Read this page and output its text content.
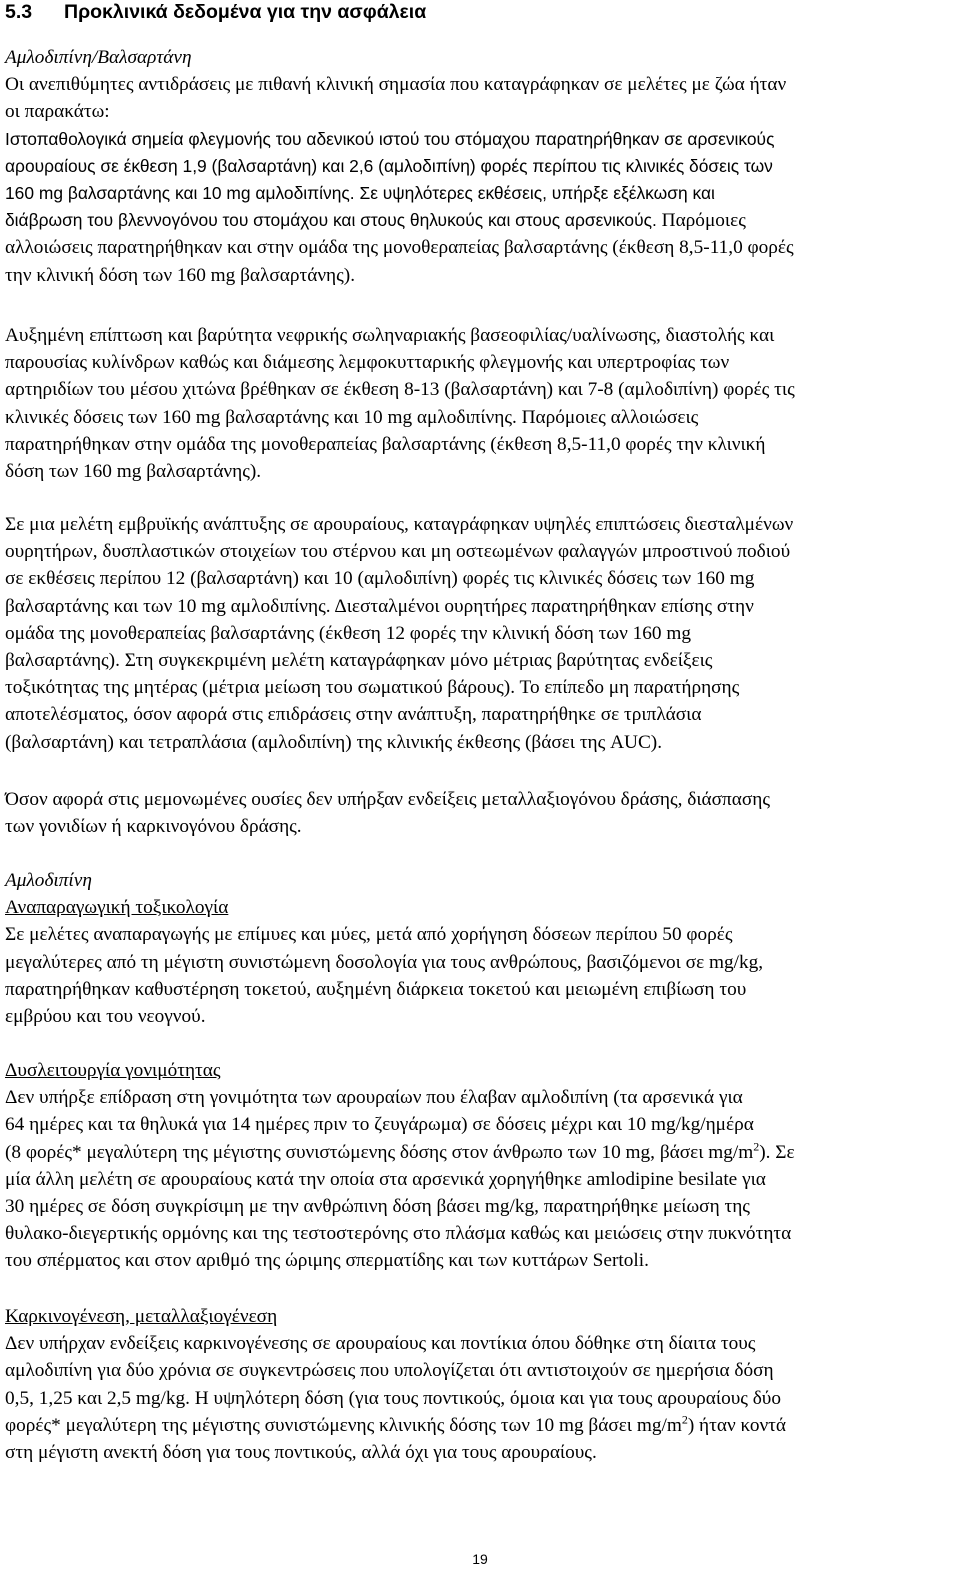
5.3 Προκλινικά δεδομένα για την ασφάλεια
Αμλοδιπίνη/Βαλσαρτάνη
Οι ανεπιθύμητες αντιδράσεις με πιθανή κλινική σημασία που καταγράφηκαν σε μελέτες με ζώα ήταν
οι παρακάτω:
Ιστοπαθολογικά σημεία φλεγμονής του αδενικού ιστού του στόμαχου παρατηρήθηκαν σε αρσενικούς
αρουραίους σε έκθεση 1,9 (βαλσαρτάνη) και 2,6 (αμλοδιπίνη) φορές περίπου τις κλινικές δόσεις των
160 mg βαλσαρτάνης και 10 mg αμλοδιπίνης. Σε υψηλότερες εκθέσεις, υπήρξε εξέλκωση και
διάβρωση του βλεννογόνου του στομάχου και στους θηλυκούς και στους αρσενικούς. Παρόμοιες
αλλοιώσεις παρατηρήθηκαν και στην ομάδα της μονοθεραπείας βαλσαρτάνης (έκθεση 8,5-11,0 φορές
την κλινική δόση των 160 mg βαλσαρτάνης).
Αυξημένη επίπτωση και βαρύτητα νεφρικής σωληναριακής βασεοφιλίας/υαλίνωσης, διαστολής και
παρουσίας κυλίνδρων καθώς και διάμεσης λεμφοκυτταρικής φλεγμονής και υπερτροφίας των
αρτηριδίων του μέσου χιτώνα βρέθηκαν σε έκθεση 8-13 (βαλσαρτάνη) και 7-8 (αμλοδιπίνη) φορές τις
κλινικές δόσεις των 160 mg βαλσαρτάνης και 10 mg αμλοδιπίνης. Παρόμοιες αλλοιώσεις
παρατηρήθηκαν στην ομάδα της μονοθεραπείας βαλσαρτάνης (έκθεση 8,5-11,0 φορές την κλινική
δόση των 160 mg βαλσαρτάνης).
Σε μια μελέτη εμβρυϊκής ανάπτυξης σε αρουραίους, καταγράφηκαν υψηλές επιπτώσεις διεσταλμένων
ουρητήρων, δυσπλαστικών στοιχείων του στέρνου και μη οστεωμένων φαλαγγών μπροστινού ποδιού
σε εκθέσεις περίπου 12 (βαλσαρτάνη) και 10 (αμλοδιπίνη) φορές τις κλινικές δόσεις των 160 mg
βαλσαρτάνης και των 10 mg αμλοδιπίνης. Διεσταλμένοι ουρητήρες παρατηρήθηκαν επίσης στην
ομάδα της μονοθεραπείας βαλσαρτάνης (έκθεση 12 φορές την κλινική δόση των 160 mg
βαλσαρτάνης). Στη συγκεκριμένη μελέτη καταγράφηκαν μόνο μέτριας βαρύτητας ενδείξεις
τοξικότητας της μητέρας (μέτρια μείωση του σωματικού βάρους). Το επίπεδο μη παρατήρησης
αποτελέσματος, όσον αφορά στις επιδράσεις στην ανάπτυξη, παρατηρήθηκε σε τριπλάσια
(βαλσαρτάνη) και τετραπλάσια (αμλοδιπίνη) της κλινικής έκθεσης (βάσει της AUC).
Όσον αφορά στις μεμονωμένες ουσίες δεν υπήρξαν ενδείξεις μεταλλαξιογόνου δράσης, διάσπασης
των γονιδίων ή καρκινογόνου δράσης.
Αμλοδιπίνη
Αναπαραγωγική τοξικολογία
Σε μελέτες αναπαραγωγής με επίμυες και μύες, μετά από χορήγηση δόσεων περίπου 50 φορές
μεγαλύτερες από τη μέγιστη συνιστώμενη δοσολογία για τους ανθρώπους, βασιζόμενοι σε mg/kg,
παρατηρήθηκαν καθυστέρηση τοκετού, αυξημένη διάρκεια τοκετού και μειωμένη επιβίωση του
εμβρύου και του νεογνού.
Δυσλειτουργία γονιμότητας
Δεν υπήρξε επίδραση στη γονιμότητα των αρουραίων που έλαβαν αμλοδιπίνη (τα αρσενικά για
64 ημέρες και τα θηλυκά για 14 ημέρες πριν το ζευγάρωμα) σε δόσεις μέχρι και 10 mg/kg/ημέρα
(8 φορές* μεγαλύτερη της μέγιστης συνιστώμενης δόσης στον άνθρωπο των 10 mg, βάσει $mg/m^2$). Σε
μία άλλη μελέτη σε αρουραίους κατά την οποία στα αρσενικά χορηγήθηκε amlodipine besilate για
30 ημέρες σε δόση συγκρίσιμη με την ανθρώπινη δόση βάσει mg/kg, παρατηρήθηκε μείωση της
θυλακο-διεγερτικής ορμόνης και της τεστοστερόνης στο πλάσμα καθώς και μειώσεις στην πυκνότητα
του σπέρματος και στον αριθμό της ώριμης σπερματίδης και των κυττάρων Sertoli.
Καρκινογένεση, μεταλλαξιογένεση
Δεν υπήρχαν ενδείξεις καρκινογένεσης σε αρουραίους και ποντίκια όπου δόθηκε στη δίαιτα τους
αμλοδιπίνη για δύο χρόνια σε συγκεντρώσεις που υπολογίζεται ότι αντιστοιχούν σε ημερήσια δόση
0,5, 1,25 και 2,5 mg/kg. Η υψηλότερη δόση (για τους ποντικούς, όμοια και για τους αρουραίους δύο
φορές* μεγαλύτερη της μέγιστης συνιστώμενης κλινικής δόσης των 10 mg βάσει $mg/m^2$) ήταν κοντά
στη μέγιστη ανεκτή δόση για τους ποντικούς, αλλά όχι για τους αρουραίους.
19
